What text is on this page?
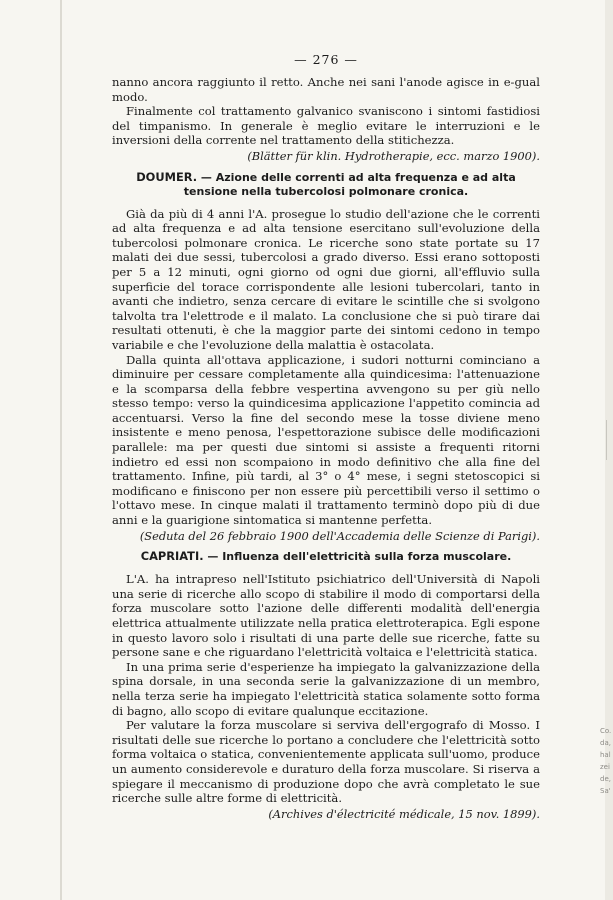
Co.
da,
hal
zei
de,
Sa'
— 276 —

nanno ancora raggiunto il retto. Anche nei sani l'anode agisce in e-gual modo.

Finalmente col trattamento galvanico svaniscono i sintomi fastidiosi del timpanismo. In generale è meglio evitare le interruzioni e le inversioni della corrente nel trattamento della stitichezza.

(Blätter für klin. Hydrotherapie, ecc. marzo 1900).

DOUMER. — Azione delle correnti ad alta frequenza e ad alta tensione nella tubercolosi polmonare cronica.

Già da più di 4 anni l'A. prosegue lo studio dell'azione che le correnti ad alta frequenza e ad alta tensione esercitano sull'evoluzione della tubercolosi polmonare cronica. Le ricerche sono state portate su 17 malati dei due sessi, tubercolosi a grado diverso. Essi erano sottoposti per 5 a 12 minuti, ogni giorno od ogni due giorni, all'effluvio sulla superficie del torace corrispondente alle lesioni tubercolari, tanto in avanti che indietro, senza cercare di evitare le scintille che si svolgono talvolta tra l'elettrode e il malato. La conclusione che si può tirare dai resultati ottenuti, è che la maggior parte dei sintomi cedono in tempo variabile e che l'evoluzione della malattia è ostacolata.

Dalla quinta all'ottava applicazione, i sudori notturni cominciano a diminuire per cessare completamente alla quindicesima: l'attenuazione e la scomparsa della febbre vespertina avvengono su per giù nello stesso tempo: verso la quindicesima applicazione l'appetito comincia ad accentuarsi. Verso la fine del secondo mese la tosse diviene meno insistente e meno penosa, l'espettorazione subisce delle modificazioni parallele: ma per questi due sintomi si assiste a frequenti ritorni indietro ed essi non scompaiono in modo definitivo che alla fine del trattamento. Infine, più tardi, al 3° o 4° mese, i segni stetoscopici si modificano e finiscono per non essere più percettibili verso il settimo o l'ottavo mese. In cinque malati il trattamento terminò dopo più di due anni e la guarigione sintomatica si mantenne perfetta.

(Seduta del 26 febbraio 1900 dell'Accademia delle Scienze di Parigi).

CAPRIATI. — Influenza dell'elettricità sulla forza muscolare.

L'A. ha intrapreso nell'Istituto psichiatrico dell'Università di Napoli una serie di ricerche allo scopo di stabilire il modo di comportarsi della forza muscolare sotto l'azione delle differenti modalità dell'energia elettrica attualmente utilizzate nella pratica elettroterapica. Egli espone in questo lavoro solo i risultati di una parte delle sue ricerche, fatte su persone sane e che riguardano l'elettricità voltaica e l'elettricità statica.

In una prima serie d'esperienze ha impiegato la galvanizzazione della spina dorsale, in una seconda serie la galvanizzazione di un membro, nella terza serie ha impiegato l'elettricità statica solamente sotto forma di bagno, allo scopo di evitare qualunque eccitazione.

Per valutare la forza muscolare si serviva dell'ergografo di Mosso. I risultati delle sue ricerche lo portano a concludere che l'elettricità sotto forma voltaica o statica, convenientemente applicata sull'uomo, produce un aumento considerevole e duraturo della forza muscolare. Si riserva a spiegare il meccanismo di produzione dopo che avrà completato le sue ricerche sulle altre forme di elettricità.

(Archives d'électricité médicale, 15 nov. 1899).
